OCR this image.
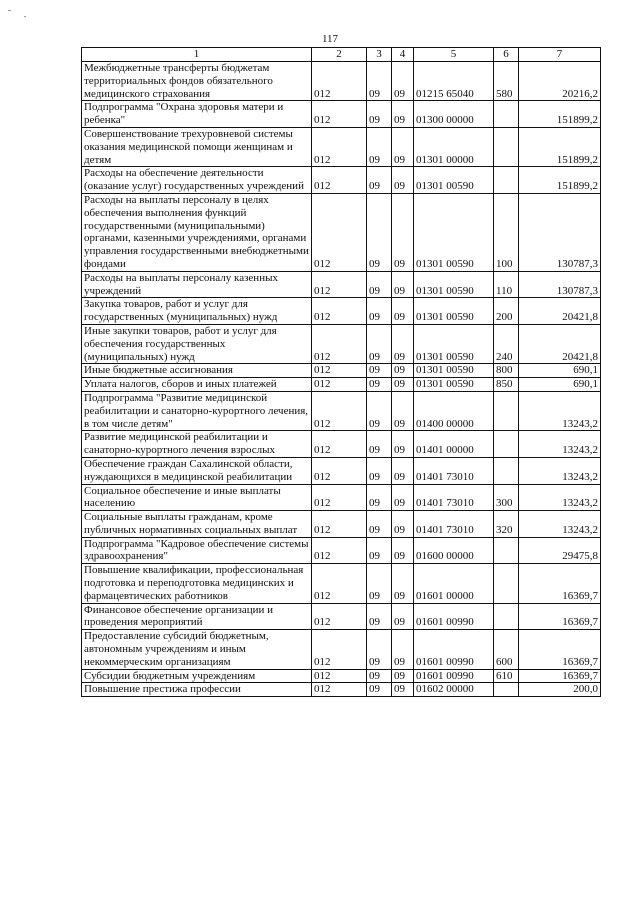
117
1	2	3	4	5	6	7
Межбюджетные трансферты бюджетам территориальных фондов обязательного медицинского страхования	012	09	09	01215 65040	580	20216,2
Подпрограмма "Охрана здоровья матери и ребенка"	012	09	09	01300 00000		151899,2
Совершенствование трехуровневой системы оказания медицинской помощи женщинам и детям	012	09	09	01301 00000		151899,2
Расходы на обеспечение деятельности (оказание услуг) государственных учреждений	012	09	09	01301 00590		151899,2
Расходы на выплаты персоналу в целях обеспечения выполнения функций государственными (муниципальными) органами, казенными учреждениями, органами управления государственными внебюджетными фондами	012	09	09	01301 00590	100	130787,3
Расходы на выплаты персоналу казенных учреждений	012	09	09	01301 00590	110	130787,3
Закупка товаров, работ и услуг для государственных (муниципальных) нужд	012	09	09	01301 00590	200	20421,8
Иные закупки товаров, работ и услуг для обеспечения государственных (муниципальных) нужд	012	09	09	01301 00590	240	20421,8
Иные бюджетные ассигнования	012	09	09	01301 00590	800	690,1
Уплата налогов, сборов и иных платежей	012	09	09	01301 00590	850	690,1
Подпрограмма "Развитие медицинской реабилитации и санаторно-курортного лечения, в том числе детям"	012	09	09	01400 00000		13243,2
Развитие медицинской реабилитации и санаторно-курортного лечения взрослых	012	09	09	01401 00000		13243,2
Обеспечение граждан Сахалинской области, нуждающихся в медицинской реабилитации	012	09	09	01401 73010		13243,2
Социальное обеспечение и иные выплаты населению	012	09	09	01401 73010	300	13243,2
Социальные выплаты гражданам, кроме публичных нормативных социальных выплат	012	09	09	01401 73010	320	13243,2
Подпрограмма "Кадровое обеспечение системы здравоохранения"	012	09	09	01600 00000		29475,8
Повышение квалификации, профессиональная подготовка и переподготовка медицинских и фармацевтических работников	012	09	09	01601 00000		16369,7
Финансовое обеспечение организации и проведения мероприятий	012	09	09	01601 00990		16369,7
Предоставление субсидий бюджетным, автономным учреждениям и иным некоммерческим организациям	012	09	09	01601 00990	600	16369,7
Субсидии бюджетным учреждениям	012	09	09	01601 00990	610	16369,7
Повышение престижа профессии	012	09	09	01602 00000		200,0
